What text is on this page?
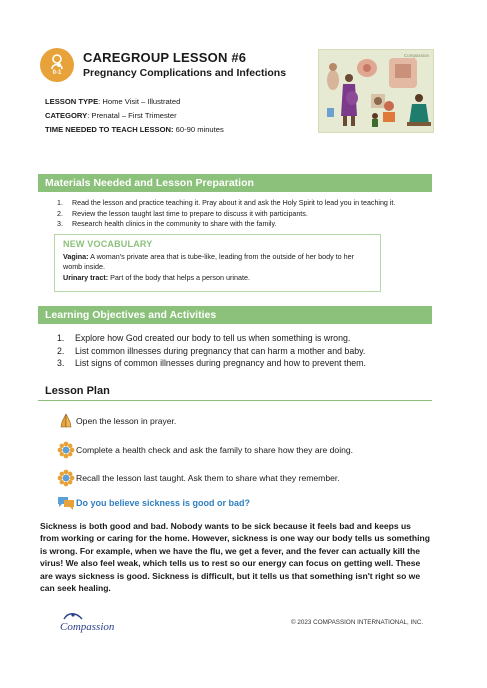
0-1
CAREGROUP LESSON #6
Pregnancy Complications and Infections
Compassion
LESSON TYPE: Home Visit – Illustrated
CATEGORY: Prenatal – First Trimester
TIME NEEDED TO TEACH LESSON: 60-90 minutes
Materials Needed and Lesson Preparation
1. Read the lesson and practice teaching it. Pray about it and ask the Holy Spirit to lead you in teaching it.
2. Review the lesson taught last time to prepare to discuss it with participants.
3. Research health clinics in the community to share with the family.
NEW VOCABULARY

Vagina: A woman's private area that is tube-like, leading from the outside of her body to her womb inside.

Urinary tract: Part of the body that helps a person urinate.

Learning Objectives and Activities
1. Explore how God created our body to tell us when something is wrong.
2. List common illnesses during pregnancy that can harm a mother and baby.
3. List signs of common illnesses during pregnancy and how to prevent them.
Lesson Plan
Open the lesson in prayer.
Complete a health check and ask the family to share how they are doing.
Recall the lesson last taught. Ask them to share what they remember.
Do you believe sickness is good or bad?
Sickness is both good and bad. Nobody wants to be sick because it feels bad and keeps us from working or caring for the home. However, sickness is one way our body tells us something is wrong. For example, when we have the flu, we get a fever, and the fever can actually kill the virus! We also feel weak, which tells us to rest so our energy can focus on getting well. These are ways sickness is good. Sickness is difficult, but it tells us that something isn't right so we can seek healing.
Compassion	© 2023 COMPASSION INTERNATIONAL, INC.
